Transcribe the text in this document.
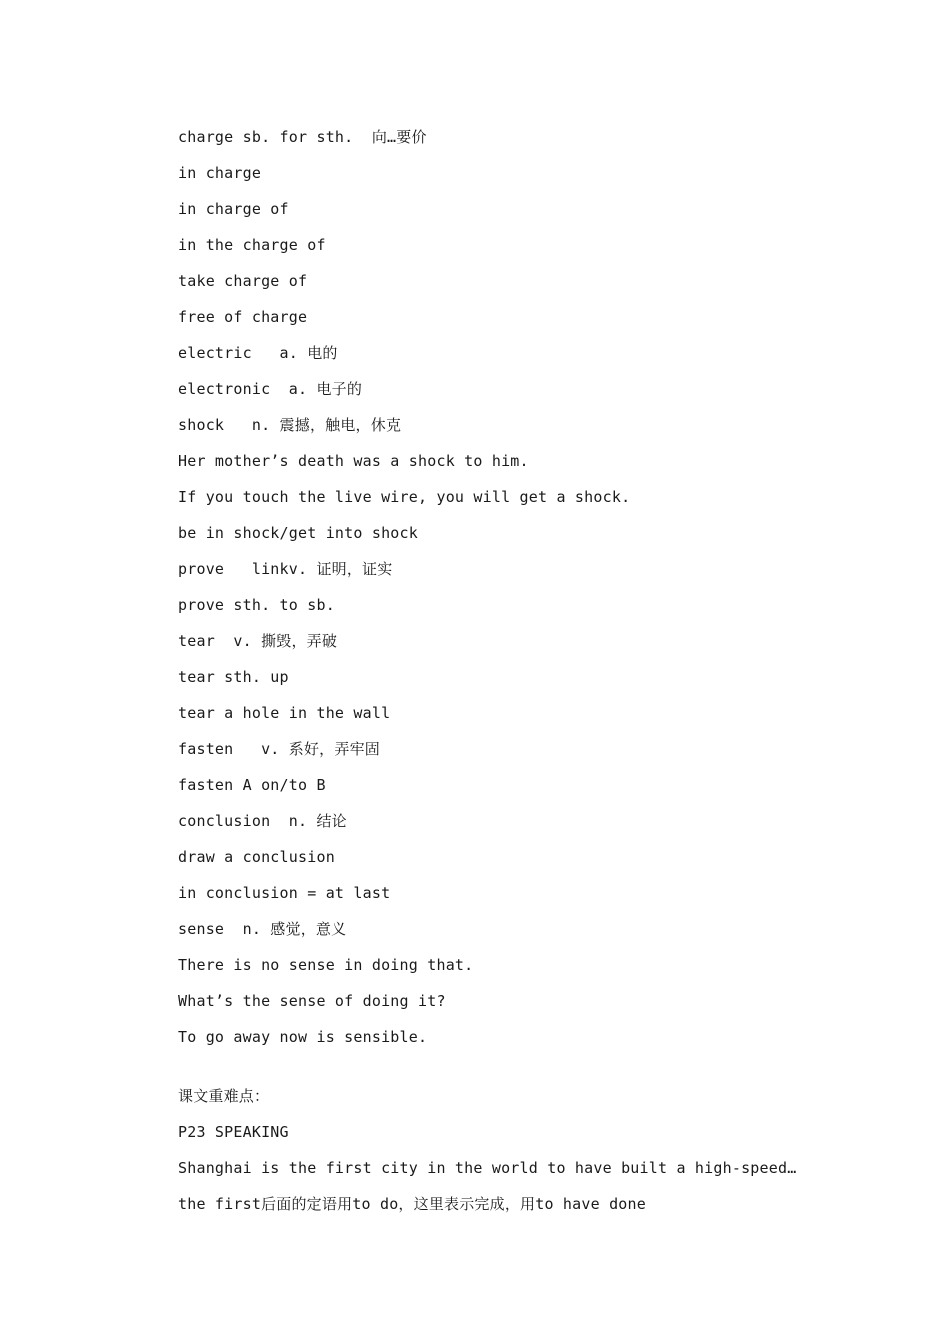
charge sb. for sth.  向…要价
in charge
in charge of
in the charge of
take charge of
free of charge
electric   a. 电的
electronic  a. 电子的
shock   n. 震撼，触电，休克
Her mother’s death was a shock to him.
If you touch the live wire, you will get a shock.
be in shock/get into shock
prove   linkv. 证明，证实
prove sth. to sb.
tear  v. 撕毁，弄破
tear sth. up
tear a hole in the wall
fasten   v. 系好，弄牢固
fasten A on/to B
conclusion  n. 结论
draw a conclusion
in conclusion = at last
sense  n. 感觉，意义
There is no sense in doing that.
What’s the sense of doing it?
To go away now is sensible.
课文重难点：
P23 SPEAKING
Shanghai is the first city in the world to have built a high-speed…
the first后面的定语用to do，这里表示完成，用to have done
